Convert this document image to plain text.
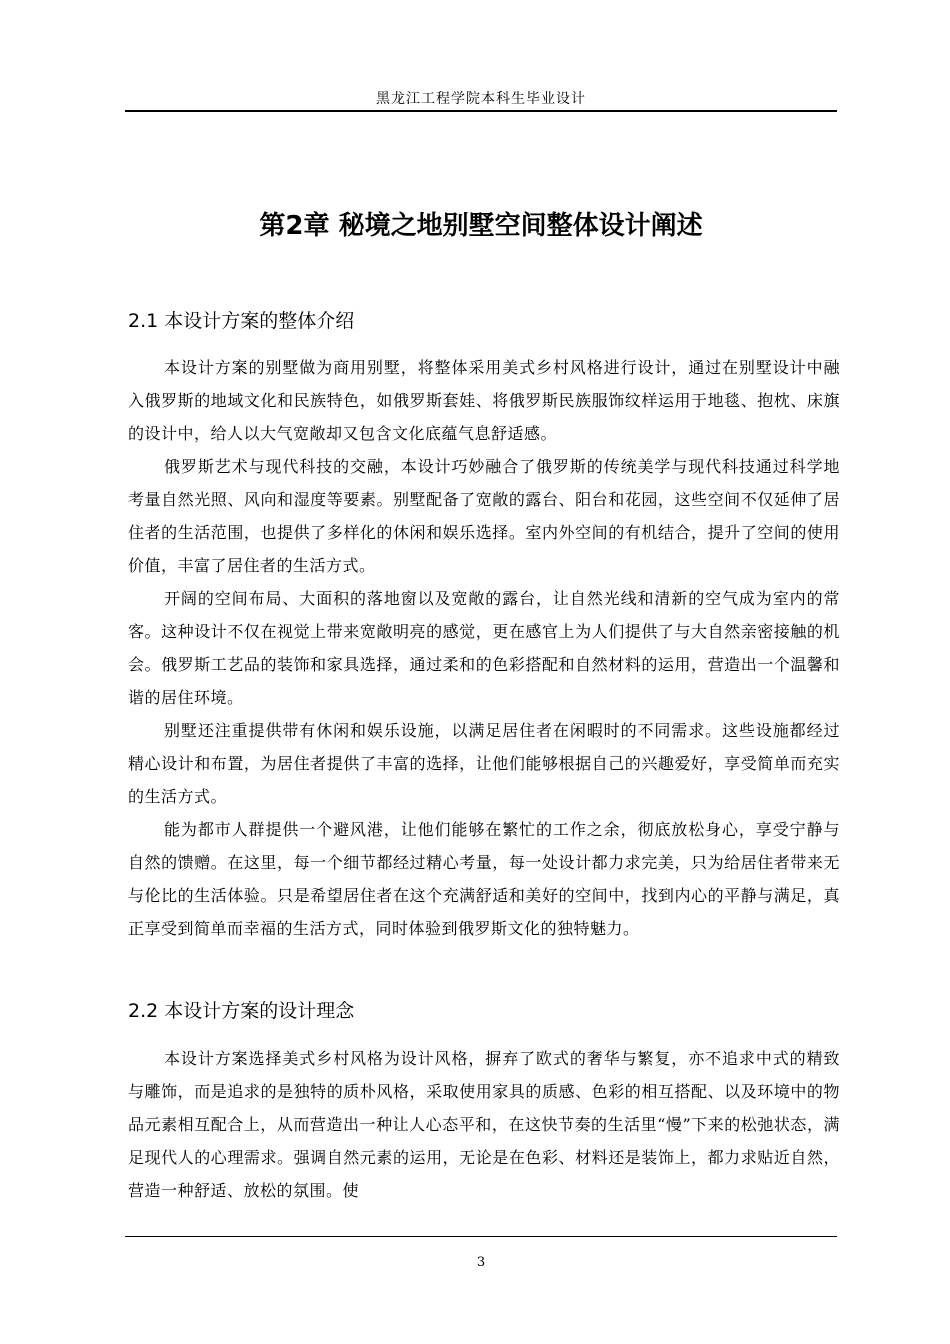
黑龙江工程学院本科生毕业设计
第2章 秘境之地别墅空间整体设计阐述
2.1 本设计方案的整体介绍

本设计方案的别墅做为商用别墅，将整体采用美式乡村风格进行设计，通过在别墅设计中融入俄罗斯的地域文化和民族特色，如俄罗斯套娃、将俄罗斯民族服饰纹样运用于地毯、抱枕、床旗的设计中，给人以大气宽敞却又包含文化底蕴气息舒适感。

俄罗斯艺术与现代科技的交融，本设计巧妙融合了俄罗斯的传统美学与现代科技通过科学地考量自然光照、风向和湿度等要素。别墅配备了宽敞的露台、阳台和花园，这些空间不仅延伸了居住者的生活范围，也提供了多样化的休闲和娱乐选择。室内外空间的有机结合，提升了空间的使用价值，丰富了居住者的生活方式。

开阔的空间布局、大面积的落地窗以及宽敞的露台，让自然光线和清新的空气成为室内的常客。这种设计不仅在视觉上带来宽敞明亮的感觉，更在感官上为人们提供了与大自然亲密接触的机会。俄罗斯工艺品的装饰和家具选择，通过柔和的色彩搭配和自然材料的运用，营造出一个温馨和谐的居住环境。

别墅还注重提供带有休闲和娱乐设施，以满足居住者在闲暇时的不同需求。这些设施都经过精心设计和布置，为居住者提供了丰富的选择，让他们能够根据自己的兴趣爱好，享受简单而充实的生活方式。

能为都市人群提供一个避风港，让他们能够在繁忙的工作之余，彻底放松身心，享受宁静与自然的馈赠。在这里，每一个细节都经过精心考量，每一处设计都力求完美，只为给居住者带来无与伦比的生活体验。只是希望居住者在这个充满舒适和美好的空间中，找到内心的平静与满足，真正享受到简单而幸福的生活方式，同时体验到俄罗斯文化的独特魅力。

2.2 本设计方案的设计理念

本设计方案选择美式乡村风格为设计风格，摒弃了欧式的奢华与繁复，亦不追求中式的精致与雕饰，而是追求的是独特的质朴风格，采取使用家具的质感、色彩的相互搭配、以及环境中的物品元素相互配合上，从而营造出一种让人心态平和，在这快节奏的生活里“慢”下来的松弛状态，满足现代人的心理需求。强调自然元素的运用，无论是在色彩、材料还是装饰上，都力求贴近自然，营造一种舒适、放松的氛围。使

3
